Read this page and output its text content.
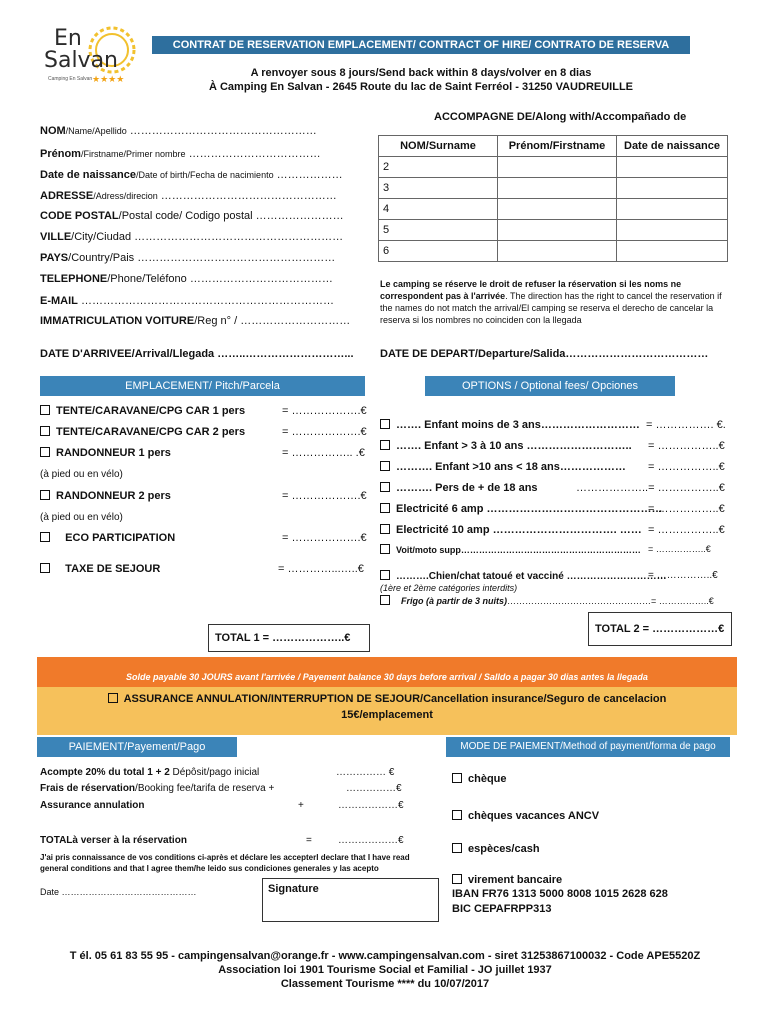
En
Salvan
Camping En Salvan ★★★★
CONTRAT DE RESERVATION EMPLACEMENT/ CONTRACT OF HIRE/ CONTRATO DE RESERVA
A renvoyer sous 8 jours/Send back within 8 days/volver en 8 dias
À Camping En Salvan - 2645 Route du lac de Saint Ferréol - 31250 VAUDREUILLE
NOM/Name/Apellido ……………………………………………
Prénom/Firstname/Primer nombre ………………………………
Date de naissance/Date of birth/Fecha de nacimiento ………………
ADRESSE/Adress/direcion …………………………………………
CODE POSTAL/Postal code/ Codigo postal ……………………
VILLE/City/Ciudad …………………………………………………
PAYS/Country/Pais ………………………………………………
TELEPHONE/Phone/Teléfono …………………………………
E-MAIL ……………………………………………………………
IMMATRICULATION VOITURE/Reg n° / …………………………
ACCOMPAGNE DE/Along with/Accompañado de
NOM/Surname	Prénom/Firstname	Date de naissance
2		
3		
4		
5		
6		
Le camping se réserve le droit de refuser la réservation si les noms ne correspondent pas à l'arrivée. The direction has the right to cancel the reservation if the names do not match the arrival/El camping se reserva el derecho de cancelar la reserva si los nombres no coinciden con la llegada
DATE D'ARRIVEE/Arrival/Llegada ……..………………………... DATE DE DEPART/Departure/Salida…………………………………
EMPLACEMENT/ Pitch/Parcela
TENTE/CARAVANE/CPG CAR 1 pers	= ……………….€
TENTE/CARAVANE/CPG CAR 2 pers	= ……………….€
RANDONNEUR 1 pers	= …………….. .€
(à pied ou en vélo)
RANDONNEUR 2 pers	= ……………….€
(à pied ou en vélo)
ECO PARTICIPATION	= ……………….€
TAXE DE SEJOUR	= …………...…..€
TOTAL 1 = ………………..€
OPTIONS / Optional fees/ Opciones
……. Enfant moins de 3 ans……………………… = ……………. €.
……. Enfant > 3 à 10 ans ……………………….. = ……………..€
………. Enfant >10 ans < 18 ans……………… = ……………..€
………. Pers de + de 18 ans	………………..= ……………..€
Electricité 6 amp …………………………………………
= ……………..€
Electricité 10 amp ……………………………. …… = ……………..€
Voit/moto supp…………………………………………………… = ……………..€
……….Chien/chat tatoué et vacciné …………………………
= ……………..€
(1ère et 2ème catégories interdits)
Frigo (à partir de 3 nuits)…………………………………………= ……………..€
TOTAL 2 = ………………€
Solde payable 30 JOURS avant l'arrivée / Payement balance 30 days before arrival / Salldo a pagar 30 dias antes la llegada
ASSURANCE ANNULATION/INTERRUPTION DE SEJOUR/Cancellation insurance/Seguro de cancelacion
15€/emplacement
PAIEMENT/Payement/Pago	MODE DE PAIEMENT/Method of payment/forma de pago
Acompte 20% du total 1 + 2 Dépôsit/pago inicial	…………… €
Frais de réservation/Booking fee/tarifa de reserva +	……………€
Assurance annulation	+	………………€
TOTALà verser à la réservation	=	………………€
J'ai pris connaissance de vos conditions ci-après et déclare les accepterI declare that I have read general conditions and that I agree them/he leido sus condiciones generales y las acepto
Date ………………………………………	Signature
chèque
chèques vacances ANCV
espèces/cash
virement bancaire
IBAN FR76 1313 5000 8008 1015 2628 628
BIC CEPAFRPP313
T él. 05 61 83 55 95 - campingensalvan@orange.fr - www.campingensalvan.com - siret 31253867100032 - Code APE5520Z
Association loi 1901 Tourisme Social et Familial - JO juillet 1937
Classement Tourisme **** du 10/07/2017
